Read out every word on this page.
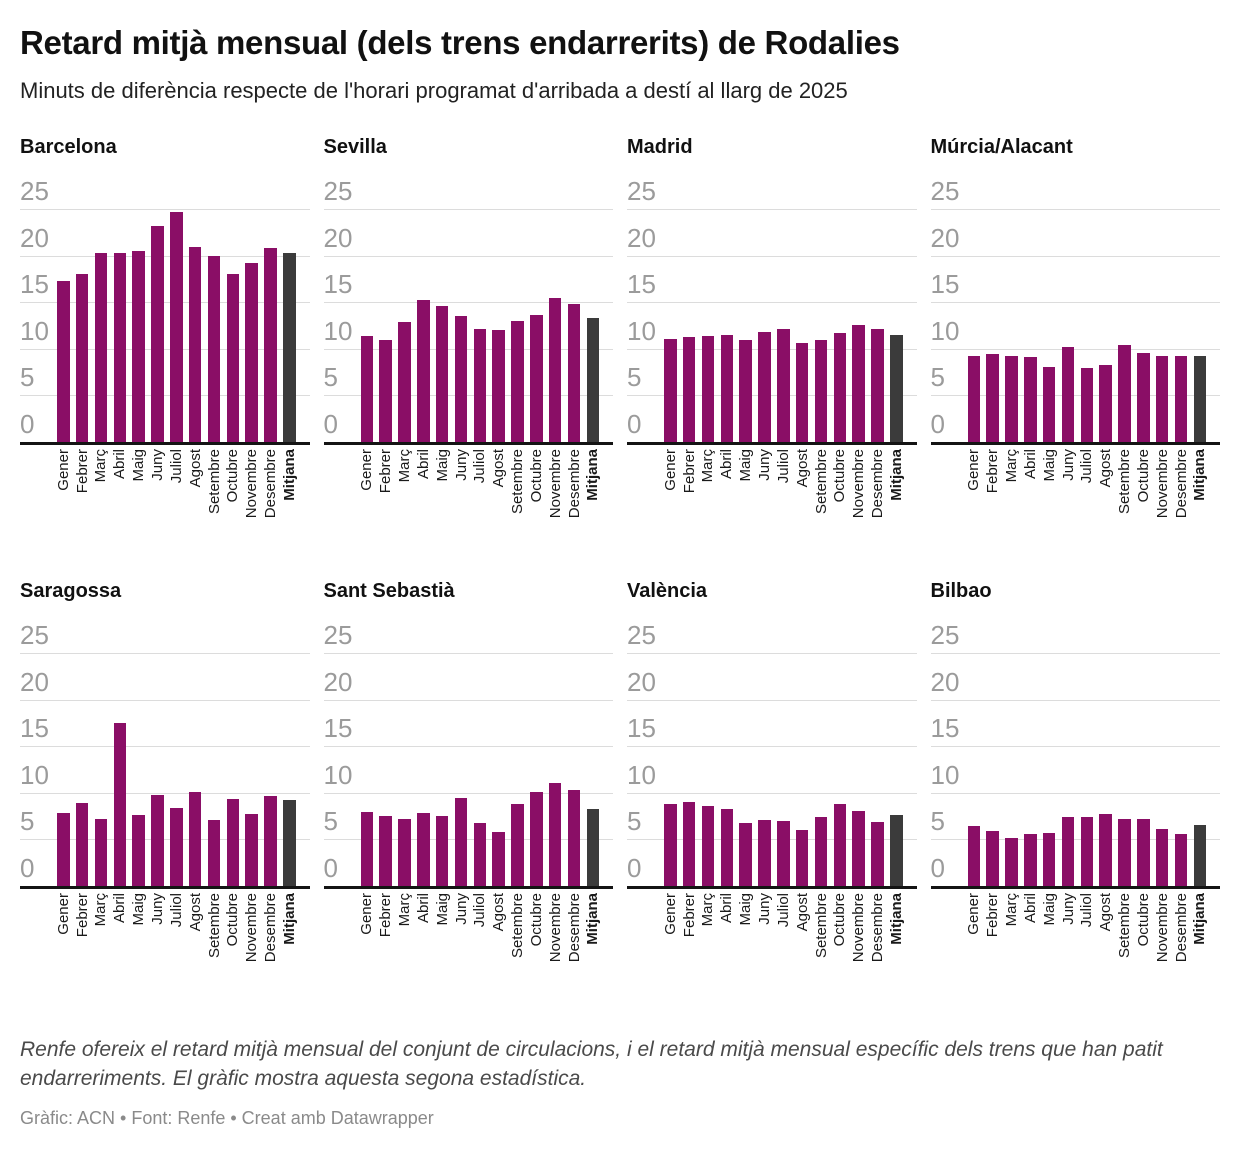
Retard mitjà mensual (dels trens endarrerits) de Rodalies

Minuts de diferència respecte de l'horari programat d'arribada a destí al llarg de 2025

Barcelona
0
5
10
15
20
25
Gener Febrer Març Abril Maig Juny Juliol Agost Setembre Octubre Novembre Desembre Mitjana
Sevilla
0
5
10
15
20
25
Gener Febrer Març Abril Maig Juny Juliol Agost Setembre Octubre Novembre Desembre Mitjana
Madrid
0
5
10
15
20
25
Gener Febrer Març Abril Maig Juny Juliol Agost Setembre Octubre Novembre Desembre Mitjana
Múrcia/Alacant
0
5
10
15
20
25
Gener Febrer Març Abril Maig Juny Juliol Agost Setembre Octubre Novembre Desembre Mitjana
Saragossa
0
5
10
15
20
25
Gener Febrer Març Abril Maig Juny Juliol Agost Setembre Octubre Novembre Desembre Mitjana
Sant Sebastià
0
5
10
15
20
25
Gener Febrer Març Abril Maig Juny Juliol Agost Setembre Octubre Novembre Desembre Mitjana
València
0
5
10
15
20
25
Gener Febrer Març Abril Maig Juny Juliol Agost Setembre Octubre Novembre Desembre Mitjana
Bilbao
0
5
10
15
20
25
Gener Febrer Març Abril Maig Juny Juliol Agost Setembre Octubre Novembre Desembre Mitjana

Renfe ofereix el retard mitjà mensual del conjunt de circulacions, i el retard mitjà mensual específic dels trens que han patit endarreriments. El gràfic mostra aquesta segona estadística.

Gràfic: ACN • Font: Renfe • Creat amb Datawrapper
